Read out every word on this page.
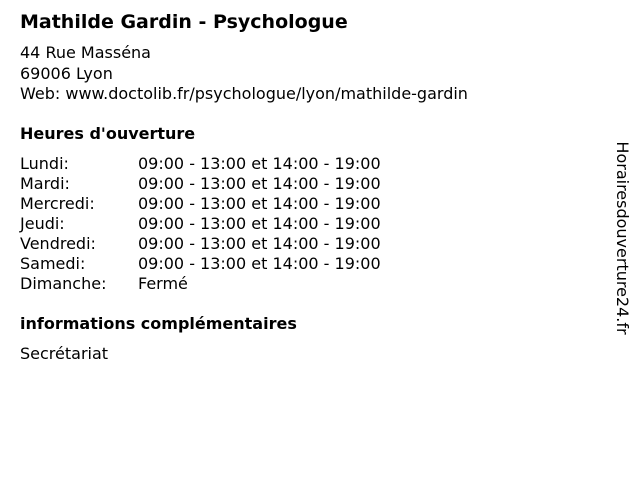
Mathilde Gardin - Psychologue
44 Rue Masséna
69006 Lyon
Web: www.doctolib.fr/psychologue/lyon/mathilde-gardin
Heures d'ouverture
Lundi:	09:00 - 13:00 et 14:00 - 19:00
Mardi:	09:00 - 13:00 et 14:00 - 19:00
Mercredi:	09:00 - 13:00 et 14:00 - 19:00
Jeudi:	09:00 - 13:00 et 14:00 - 19:00
Vendredi:	09:00 - 13:00 et 14:00 - 19:00
Samedi:	09:00 - 13:00 et 14:00 - 19:00
Dimanche: Fermé
informations complémentaires
Secrétariat
Horairesdouverture24.fr
